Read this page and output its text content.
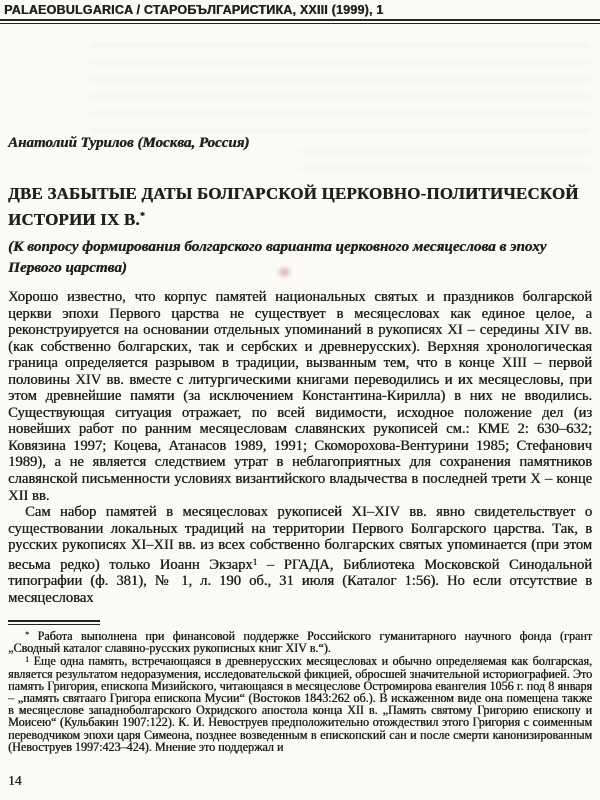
PALAEOBULGARICA / СТАРОБЪЛГАРИСТИКА, XXIII (1999), 1
Анатолий Турилов (Москва, Россия)
ДВЕ ЗАБЫТЫЕ ДАТЫ БОЛГАРСКОЙ ЦЕРКОВНО-ПОЛИТИЧЕСКОЙ ИСТОРИИ IX В.*
(К вопросу формирования болгарского варианта церковного месяцеслова в эпоху Первого царства)

Хорошо известно, что корпус памятей национальных святых и праздников болгарской церкви эпохи Первого царства не существует в месяцесловах как единое целое, а реконструируется на основании отдельных упоминаний в рукописях XI – середины XIV вв. (как собственно болгарских, так и сербских и древнерусских). Верхняя хронологическая граница определяется разрывом в традиции, вызванным тем, что в конце XIII – первой половины XIV вв. вместе с литургическими книгами переводились и их месяцесловы, при этом древнейшие памяти (за исключением Константина-Кирилла) в них не вводились. Существующая ситуация отражает, по всей видимости, исходное положение дел (из новейших работ по ранним месяцесловам славянских рукописей см.: КМЕ 2: 630–632; Ковязина 1997; Коцева, Атанасов 1989, 1991; Скоморохова-Вентурини 1985; Стефанович 1989), а не является следствием утрат в неблагоприятных для сохранения памятников славянской письменности условиях византийского владычества в последней трети X – конце XII вв.

Сам набор памятей в месяцесловах рукописей XI–XIV вв. явно свидетельствует о существовании локальных традиций на территории Первого Болгарского царства. Так, в русских рукописях XI–XII вв. из всех собственно болгарских святых упоминается (при этом весьма редко) только Иоанн Экзарх$^1$ – РГАДА, Библиотека Московской Синодальной типографии (ф. 381), № 1, л. 190 об., 31 июля (Каталог 1:56). Но если отсутствие в месяцесловах

* Работа выполнена при финансовой поддержке Российского гуманитарного научного фонда (грант „Сводный каталог славяно-русских рукописных книг XIV в.“).

$^1$ Еще одна память, встречающаяся в древнерусских месяцесловах и обычно определяемая как болгарская, является результатом недоразумения, исследовательской фикцией, обросшей значительной историографией. Это память Григория, епископа Мизийского, читающаяся в месяцеслове Остромирова евангелия 1056 г. под 8 января – „память святааго Григора епископа Мусии“ (Востоков 1843:262 об.). В искаженном виде она помещена также в месяцеслове западноболгарского Охридского апостола конца XII в. „Память святому Григорию епископу и Моисею“ (Кульбакин 1907:122). К. И. Невоструев предположительно отождествил этого Григория с соименным переводчиком эпохи царя Симеона, позднее возведенным в епископский сан и после смерти канонизированным (Невоструев 1997:423–424). Мнение это поддержал и

14
